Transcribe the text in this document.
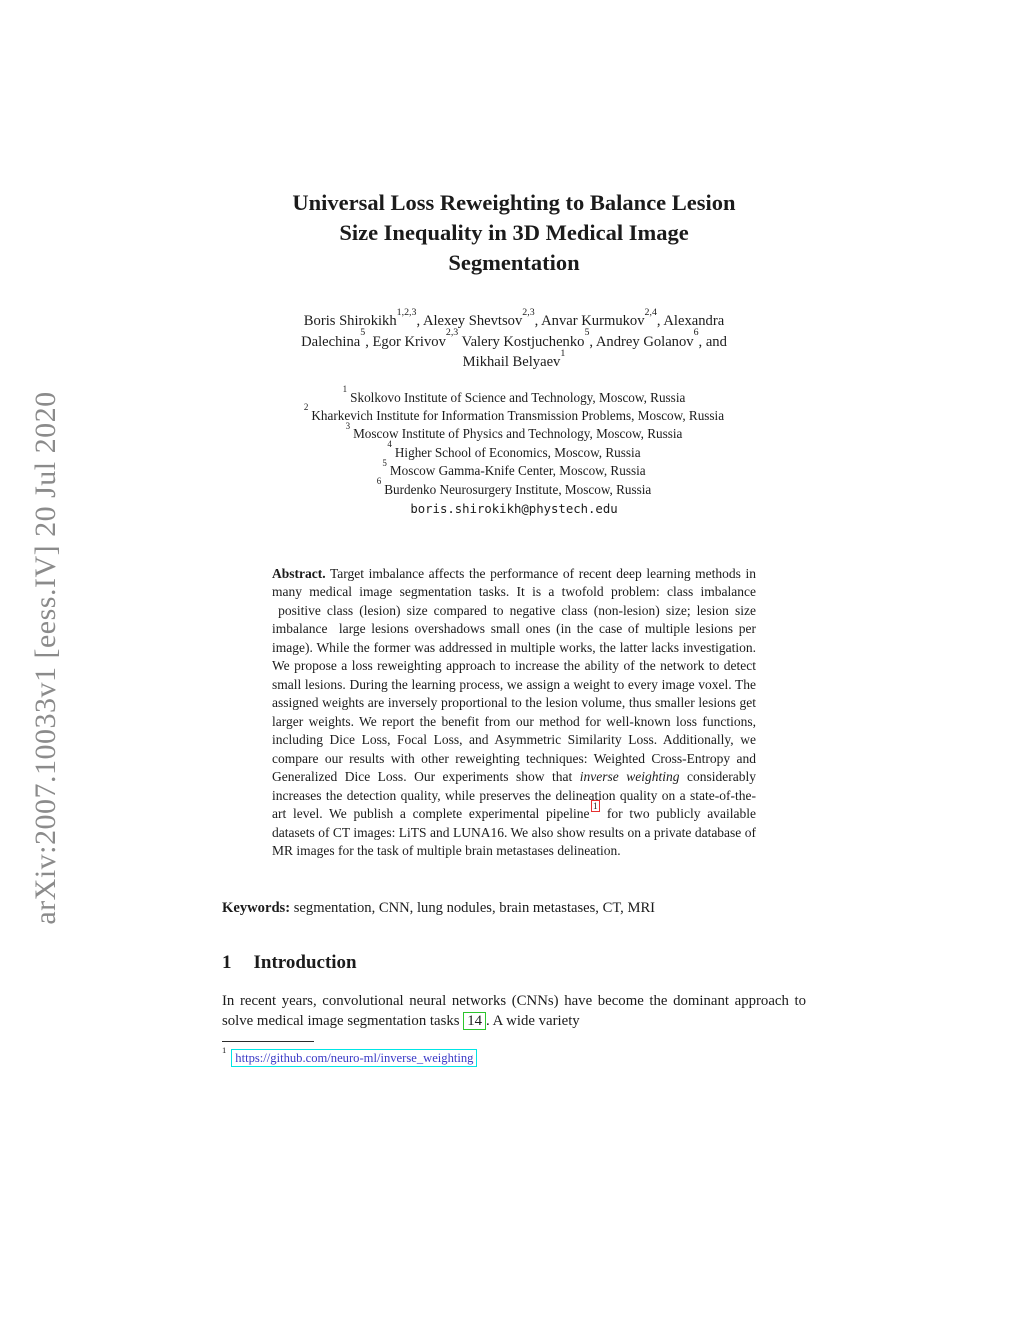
arXiv:2007.10033v1 [eess.IV] 20 Jul 2020
Universal Loss Reweighting to Balance Lesion
Size Inequality in 3D Medical Image
Segmentation
Boris Shirokikh$^{1,2,3}$, Alexey Shevtsov$^{2,3}$, Anvar Kurmukov$^{2,4}$, Alexandra
Dalechina$^5$, Egor Krivov$^{2,3}$ Valery Kostjuchenko$^5$, Andrey Golanov$^6$, and
Mikhail Belyaev$^1$
$^1$Skolkovo Institute of Science and Technology, Moscow, Russia
$^2$Kharkevich Institute for Information Transmission Problems, Moscow, Russia
$^3$Moscow Institute of Physics and Technology, Moscow, Russia
$^4$Higher School of Economics, Moscow, Russia
$^5$Moscow Gamma-Knife Center, Moscow, Russia
$^6$Burdenko Neurosurgery Institute, Moscow, Russia
boris.shirokikh@phystech.edu
Abstract. Target imbalance affects the performance of recent deep learning methods in many medical image segmentation tasks. It is a twofold problem: class imbalance  positive class (lesion) size compared to negative class (non-lesion) size; lesion size imbalance  large lesions overshadows small ones (in the case of multiple lesions per image). While the former was addressed in multiple works, the latter lacks investigation. We propose a loss reweighting approach to increase the ability of the network to detect small lesions. During the learning process, we assign a weight to every image voxel. The assigned weights are inversely proportional to the lesion volume, thus smaller lesions get larger weights. We report the benefit from our method for well-known loss functions, including Dice Loss, Focal Loss, and Asymmetric Similarity Loss. Additionally, we compare our results with other reweighting techniques: Weighted Cross-Entropy and Generalized Dice Loss. Our experiments show that inverse weighting considerably increases the detection quality, while preserves the delineation quality on a state-of-the-art level. We publish a complete experimental pipeline$^1$ for two publicly available datasets of CT images: LiTS and LUNA16. We also show results on a private database of MR images for the task of multiple brain metastases delineation.
Keywords: segmentation, CNN, lung nodules, brain metastases, CT, MRI
1 Introduction
In recent years, convolutional neural networks (CNNs) have become the dominant approach to solve medical image segmentation tasks 14 . A wide variety
$^1$https://github.com/neuro-ml/inverse_weighting
